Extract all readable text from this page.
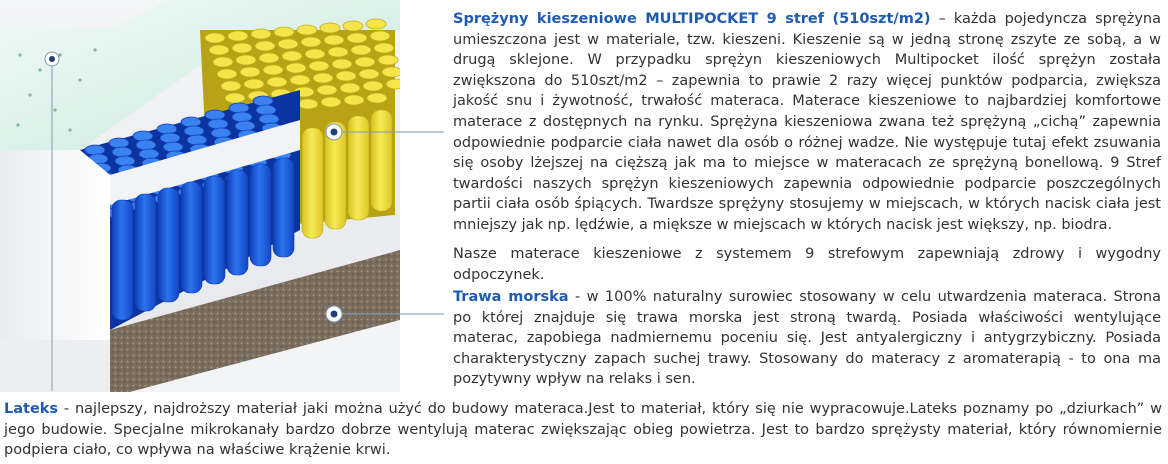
Sprężyny kieszeniowe MULTIPOCKET 9 stref (510szt/m2) – każda pojedyncza sprężyna umieszczona jest w materiale, tzw. kieszeni. Kieszenie są w jedną stronę zszyte ze sobą, a w drugą sklejone. W przypadku sprężyn kieszeniowych Multipocket ilość sprężyn została zwiększona do 510szt/m2 – zapewnia to prawie 2 razy więcej punktów podparcia, zwiększa jakość snu i żywotność, trwałość materaca. Materace kieszeniowe to najbardziej komfortowe materace z dostępnych na rynku. Sprężyna kieszeniowa zwana też sprężyną „cichą” zapewnia odpowiednie podparcie ciała nawet dla osób o różnej wadze. Nie występuje tutaj efekt zsuwania się osoby lżejszej na cięższą jak ma to miejsce w materacach ze sprężyną bonellową. 9 Stref twardości naszych sprężyn kieszeniowych zapewnia odpowiednie podparcie poszczególnych partii ciała osób śpiących. Twardsze sprężyny stosujemy w miejscach, w których nacisk ciała jest mniejszy jak np. lędźwie, a miększe w miejscach w których nacisk jest większy, np. biodra.

Nasze materace kieszeniowe z systemem 9 strefowym zapewniają zdrowy i wygodny odpoczynek.

Trawa morska - w 100% naturalny surowiec stosowany w celu utwardzenia materaca. Strona po której znajduje się trawa morska jest stroną twardą. Posiada właściwości wentylujące materac, zapobiega nadmiernemu poceniu się. Jest antyalergiczny i antygrzybiczny. Posiada charakterystyczny zapach suchej trawy. Stosowany do materacy z aromaterapią - to ona ma pozytywny wpływ na relaks i sen.

Lateks - najlepszy, najdroższy materiał jaki można użyć do budowy materaca.Jest to materiał, który się nie wypracowuje.Lateks poznamy po „dziurkach” w jego budowie. Specjalne mikrokanały bardzo dobrze wentylują materac zwiększając obieg powietrza. Jest to bardzo sprężysty materiał, który równomiernie podpiera ciało, co wpływa na właściwe krążenie krwi.
